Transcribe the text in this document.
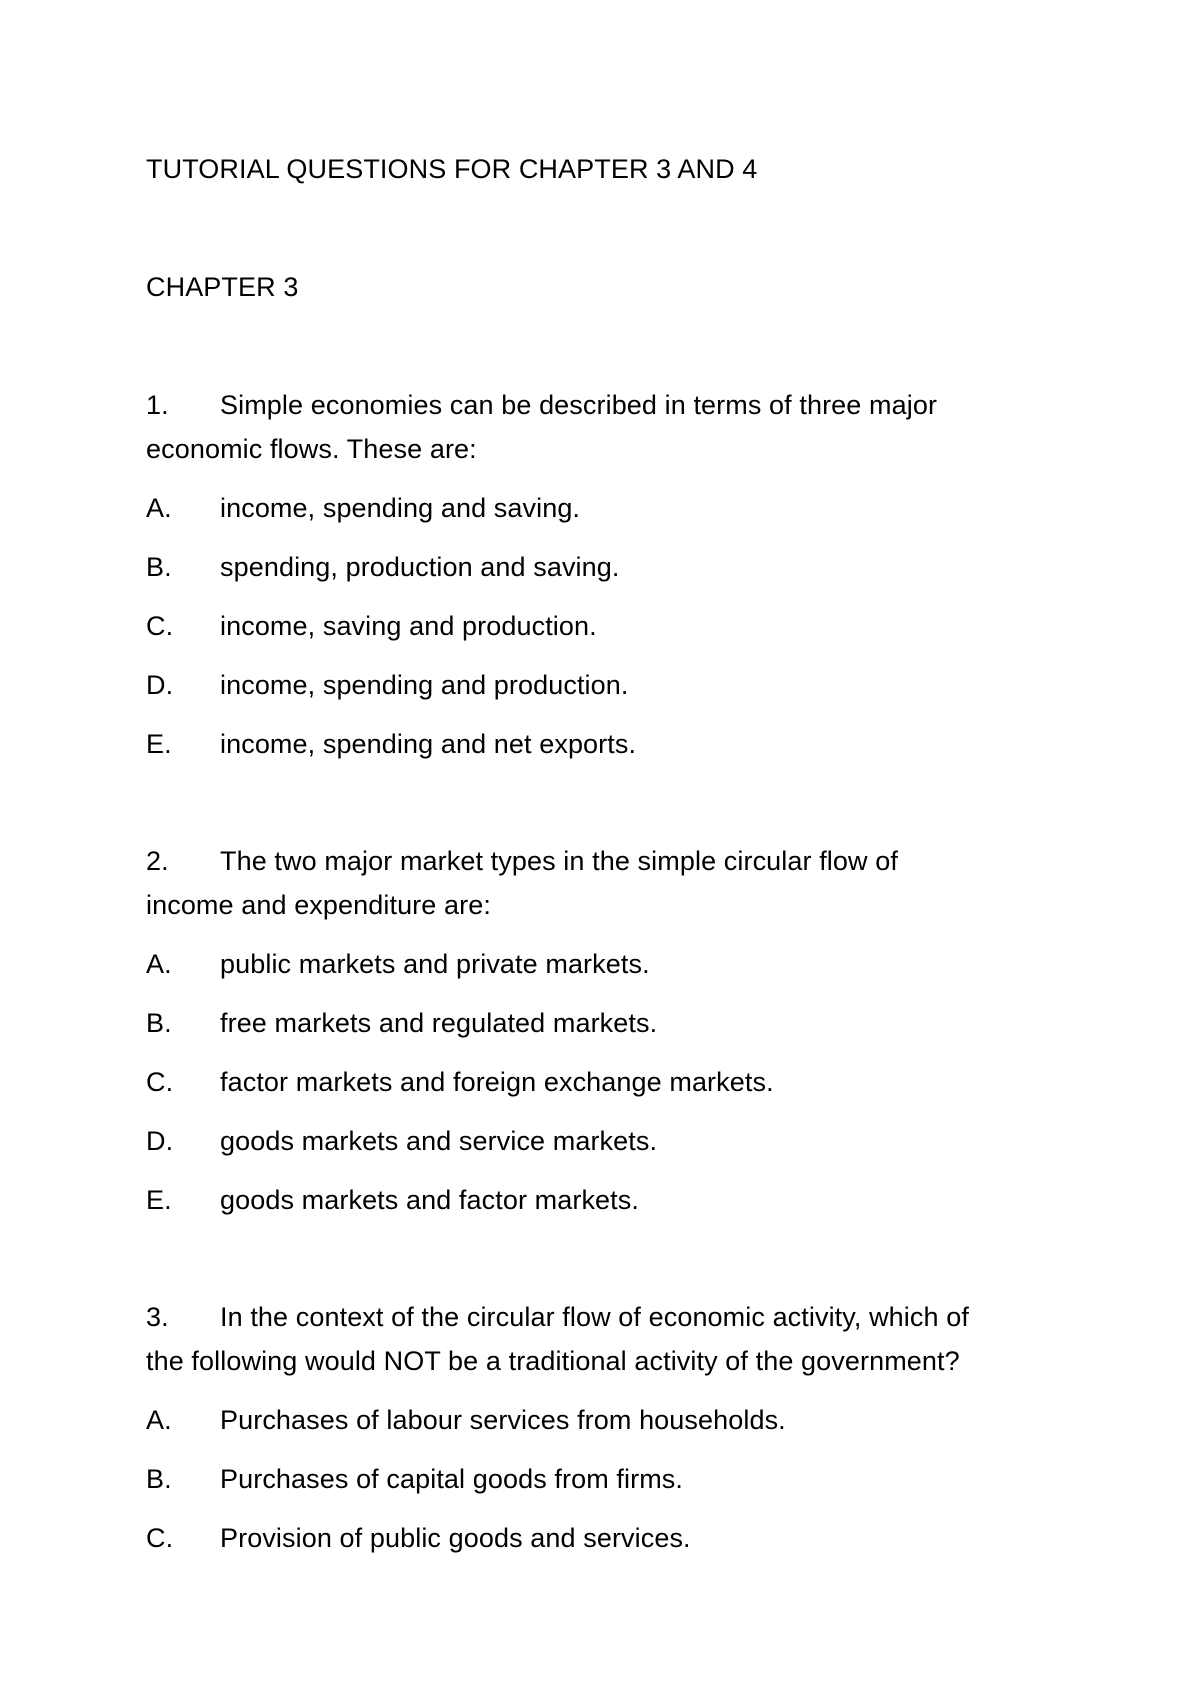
TUTORIAL QUESTIONS FOR CHAPTER 3 AND 4
CHAPTER 3
1. Simple economies can be described in terms of three major
economic flows. These are:
A. income, spending and saving.
B. spending, production and saving.
C. income, saving and production.
D. income, spending and production.
E. income, spending and net exports.
2. The two major market types in the simple circular flow of
income and expenditure are:
A. public markets and private markets.
B. free markets and regulated markets.
C. factor markets and foreign exchange markets.
D. goods markets and service markets.
E. goods markets and factor markets.
3. In the context of the circular flow of economic activity, which of
the following would NOT be a traditional activity of the government?
A. Purchases of labour services from households.
B. Purchases of capital goods from firms.
C. Provision of public goods and services.
